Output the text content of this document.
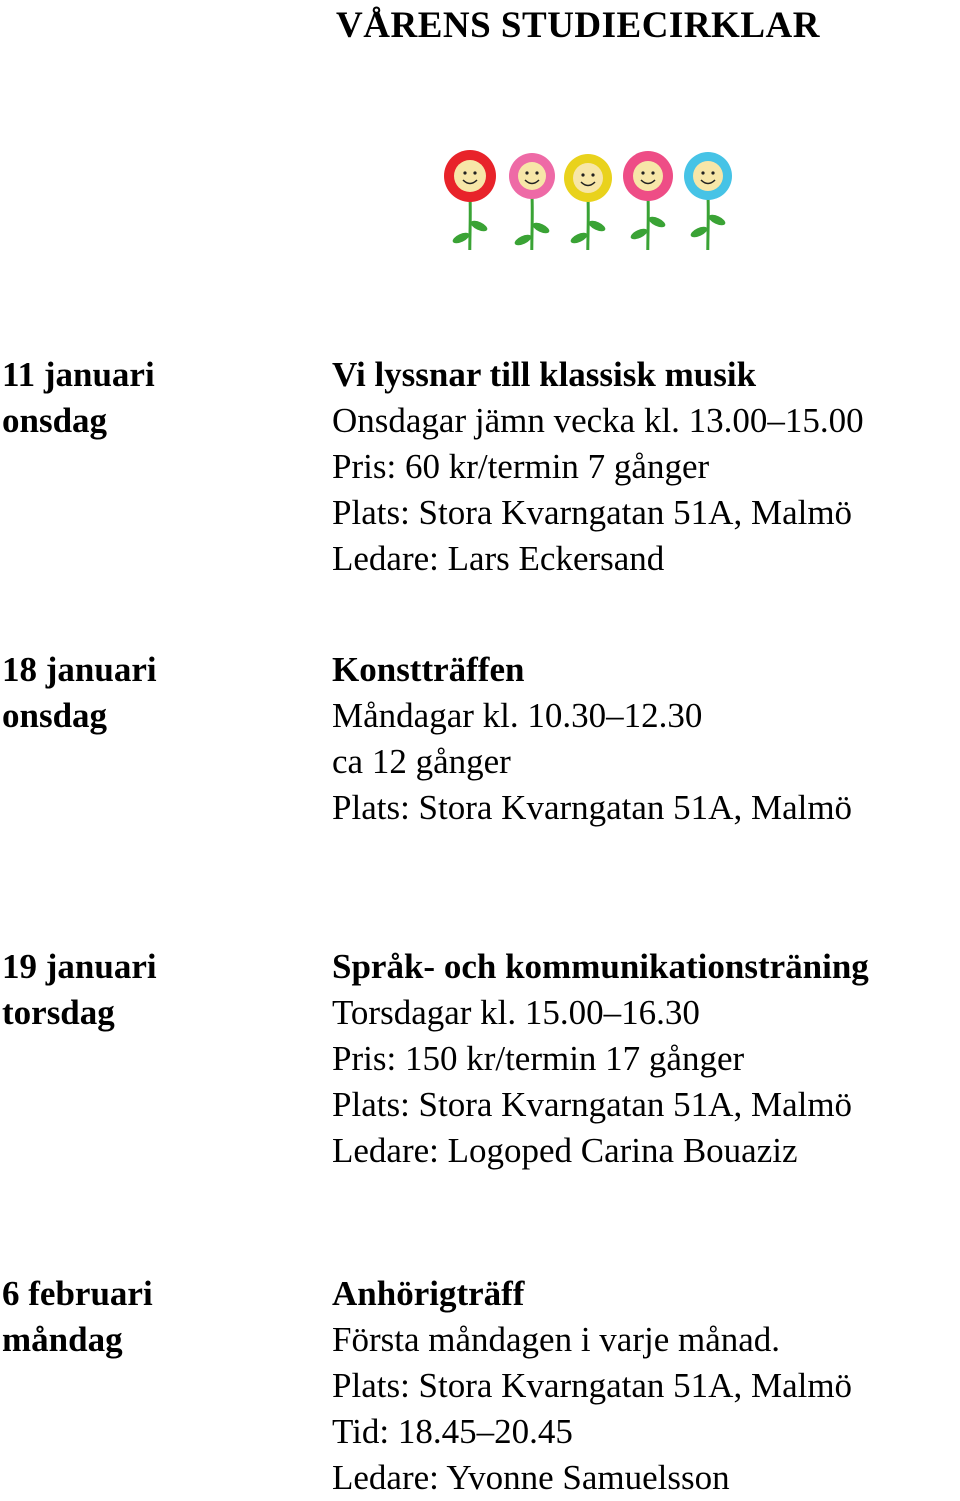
VÅRENS STUDIECIRKLAR
11 januari
onsdag
Vi lyssnar till klassisk musik
Onsdagar jämn vecka kl. 13.00–15.00
Pris: 60 kr/termin 7 gånger
Plats: Stora Kvarngatan 51A, Malmö
Ledare: Lars Eckersand
18 januari
onsdag
Konstträffen
Måndagar kl. 10.30–12.30
ca 12 gånger
Plats: Stora Kvarngatan 51A, Malmö
19 januari
torsdag
Språk- och kommunikationsträning
Torsdagar kl. 15.00–16.30
Pris: 150 kr/termin 17 gånger
Plats: Stora Kvarngatan 51A, Malmö
Ledare: Logoped Carina Bouaziz
6 februari
måndag
Anhörigträff
Första måndagen i varje månad.
Plats: Stora Kvarngatan 51A, Malmö
Tid: 18.45–20.45
Ledare: Yvonne Samuelsson
